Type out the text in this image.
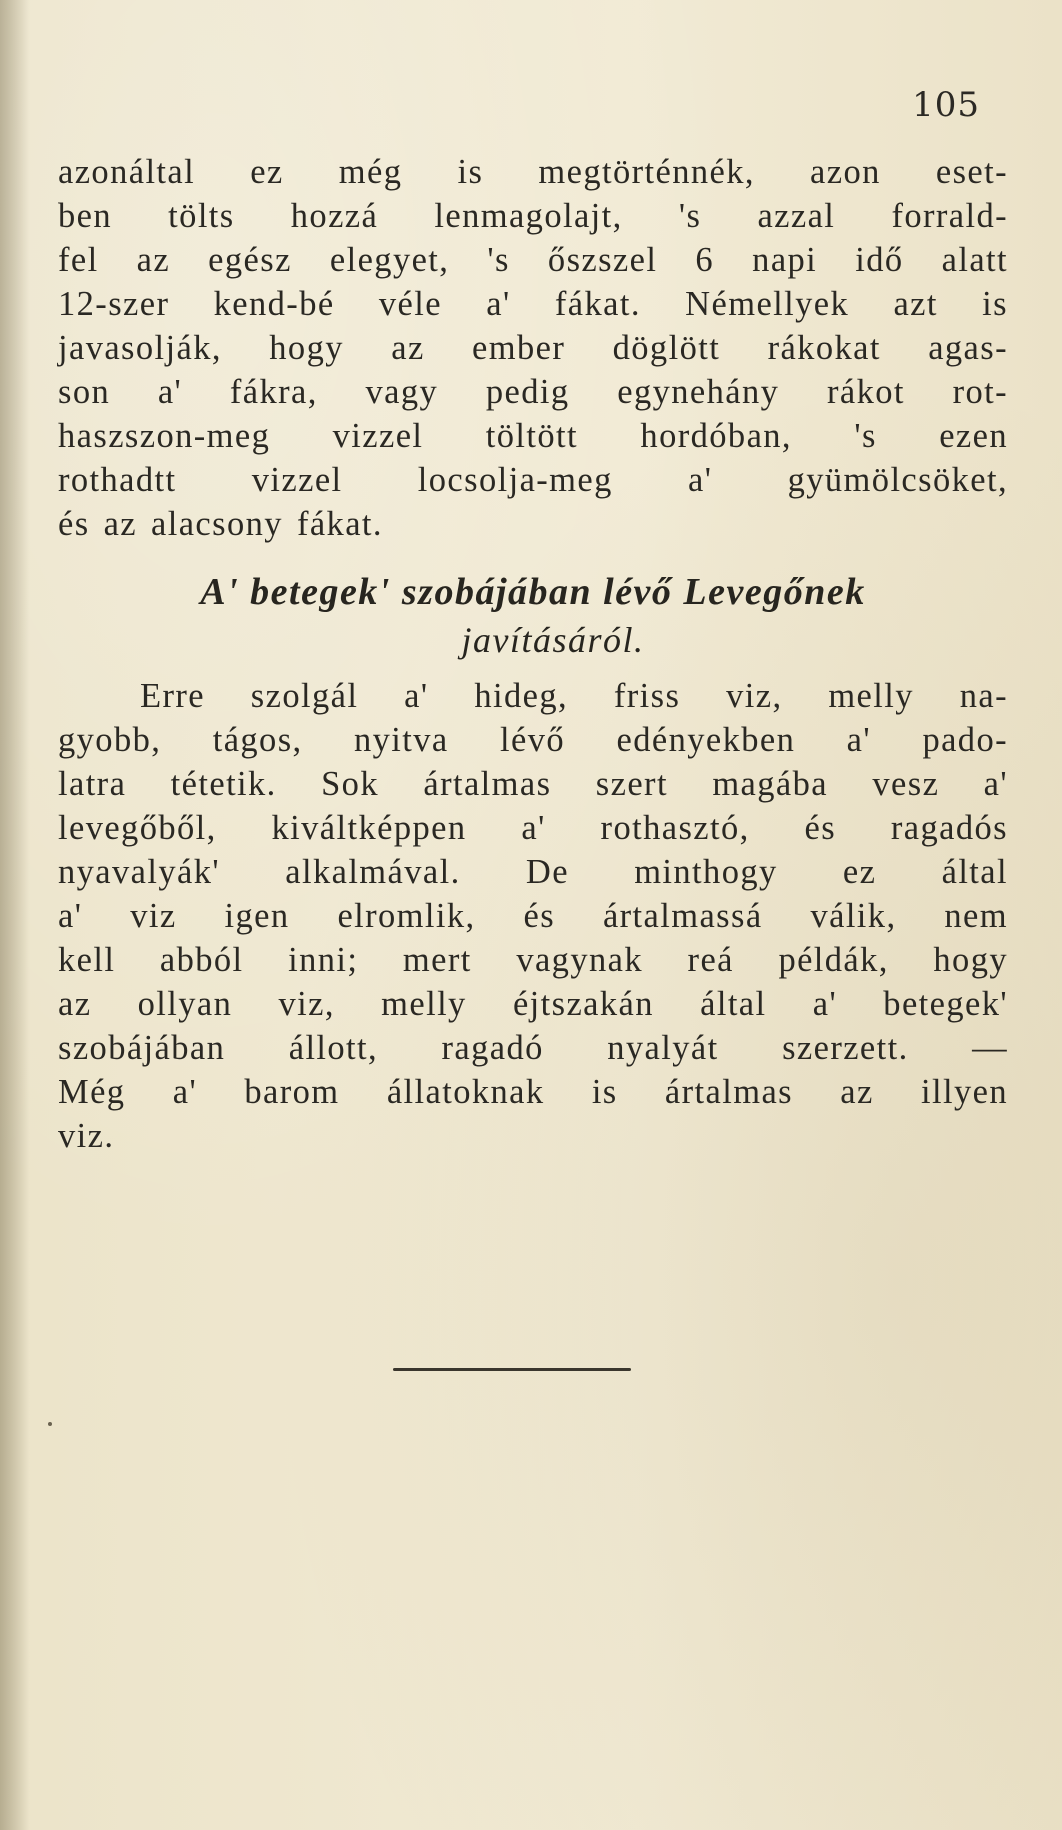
105
azonáltal ez még is megtörténnék, azon eset-
ben tölts hozzá lenmagolajt, 's azzal forrald-
fel az egész elegyet, 's őszszel 6 napi idő alatt
12-szer kend-bé véle a' fákat. Némellyek azt is
javasolják, hogy az ember döglött rákokat agas-
son a' fákra, vagy pedig egynehány rákot rot-
haszszon-meg vizzel töltött hordóban, 's ezen
rothadtt vizzel locsolja-meg a' gyümölcsöket,
és az alacsony fákat.
A' betegek' szobájában lévő Levegőnek
javításáról.
Erre szolgál a' hideg, friss viz, melly na-
gyobb, tágos, nyitva lévő edényekben a' pado-
latra tétetik. Sok ártalmas szert magába vesz a'
levegőből, kiváltképpen a' rothasztó, és ragadós
nyavalyák' alkalmával. De minthogy ez által
a' viz igen elromlik, és ártalmassá válik, nem
kell abból inni; mert vagynak reá példák, hogy
az ollyan viz, melly éjtszakán által a' betegek'
szobájában állott, ragadó nyalyát szerzett. —
Még a' barom állatoknak is ártalmas az illyen
viz.
